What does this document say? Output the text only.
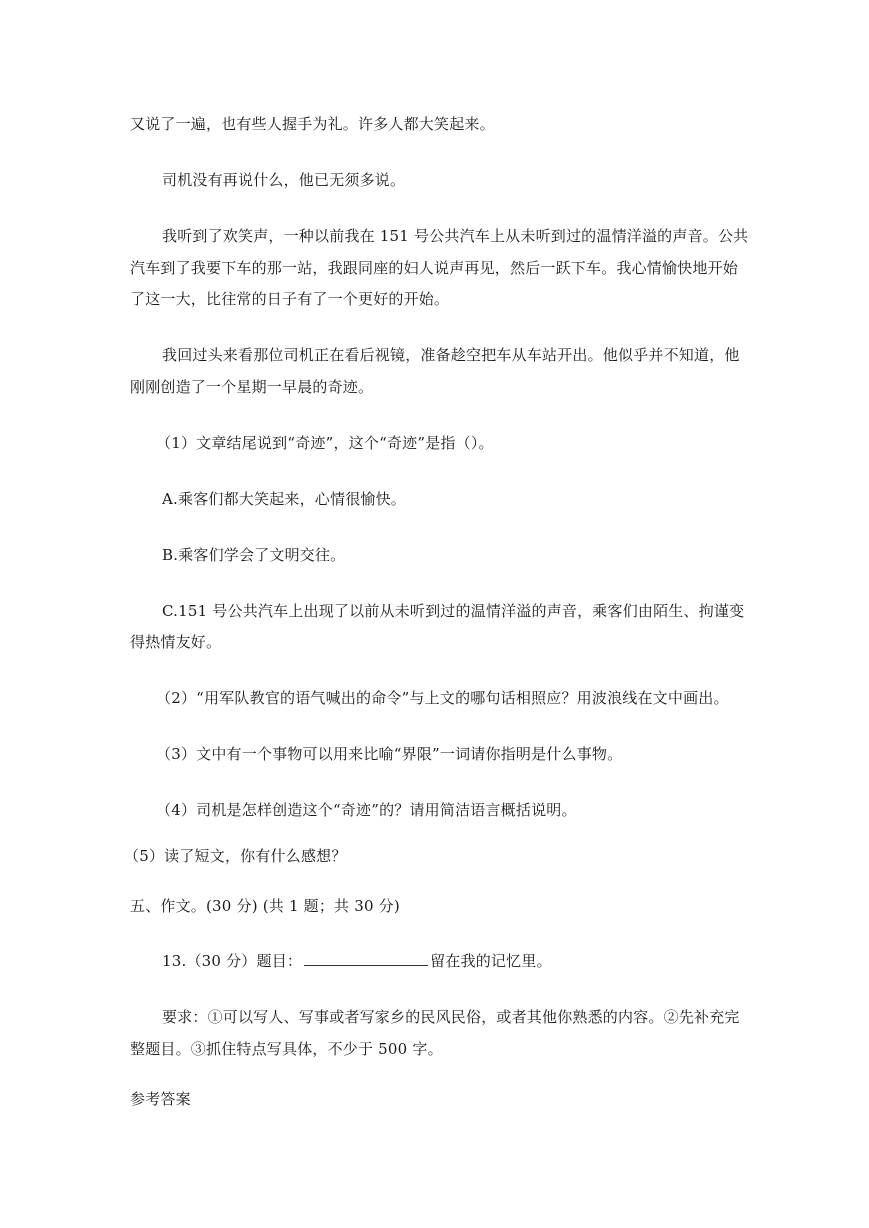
又说了一遍，也有些人握手为礼。许多人都大笑起来。
司机没有再说什么，他已无须多说。
我听到了欢笑声，一种以前我在 151 号公共汽车上从未听到过的温情洋溢的声音。公共
汽车到了我要下车的那一站，我跟同座的妇人说声再见，然后一跃下车。我心情愉快地开始
了这一大，比往常的日子有了一个更好的开始。
我回过头来看那位司机正在看后视镜，准备趁空把车从车站开出。他似乎并不知道，他
刚刚创造了一个星期一早晨的奇迹。
（1）文章结尾说到“奇迹”，这个“奇迹”是指（）。
A.乘客们都大笑起来，心情很愉快。
B.乘客们学会了文明交往。
C.151 号公共汽车上出现了以前从未听到过的温情洋溢的声音，乘客们由陌生、拘谨变
得热情友好。
（2）“用军队教官的语气喊出的命令”与上文的哪句话相照应？用波浪线在文中画出。
（3）文中有一个事物可以用来比喻“界限”一词请你指明是什么事物。
（4）司机是怎样创造这个“奇迹”的？请用简洁语言概括说明。
（5）读了短文，你有什么感想？
五、作文。(30 分) (共 1 题；共 30 分)
13.（30 分）题目：	留在我的记忆里。
要求：①可以写人、写事或者写家乡的民风民俗，或者其他你熟悉的内容。②先补充完
整题目。③抓住特点写具体，不少于 500 字。
参考答案
